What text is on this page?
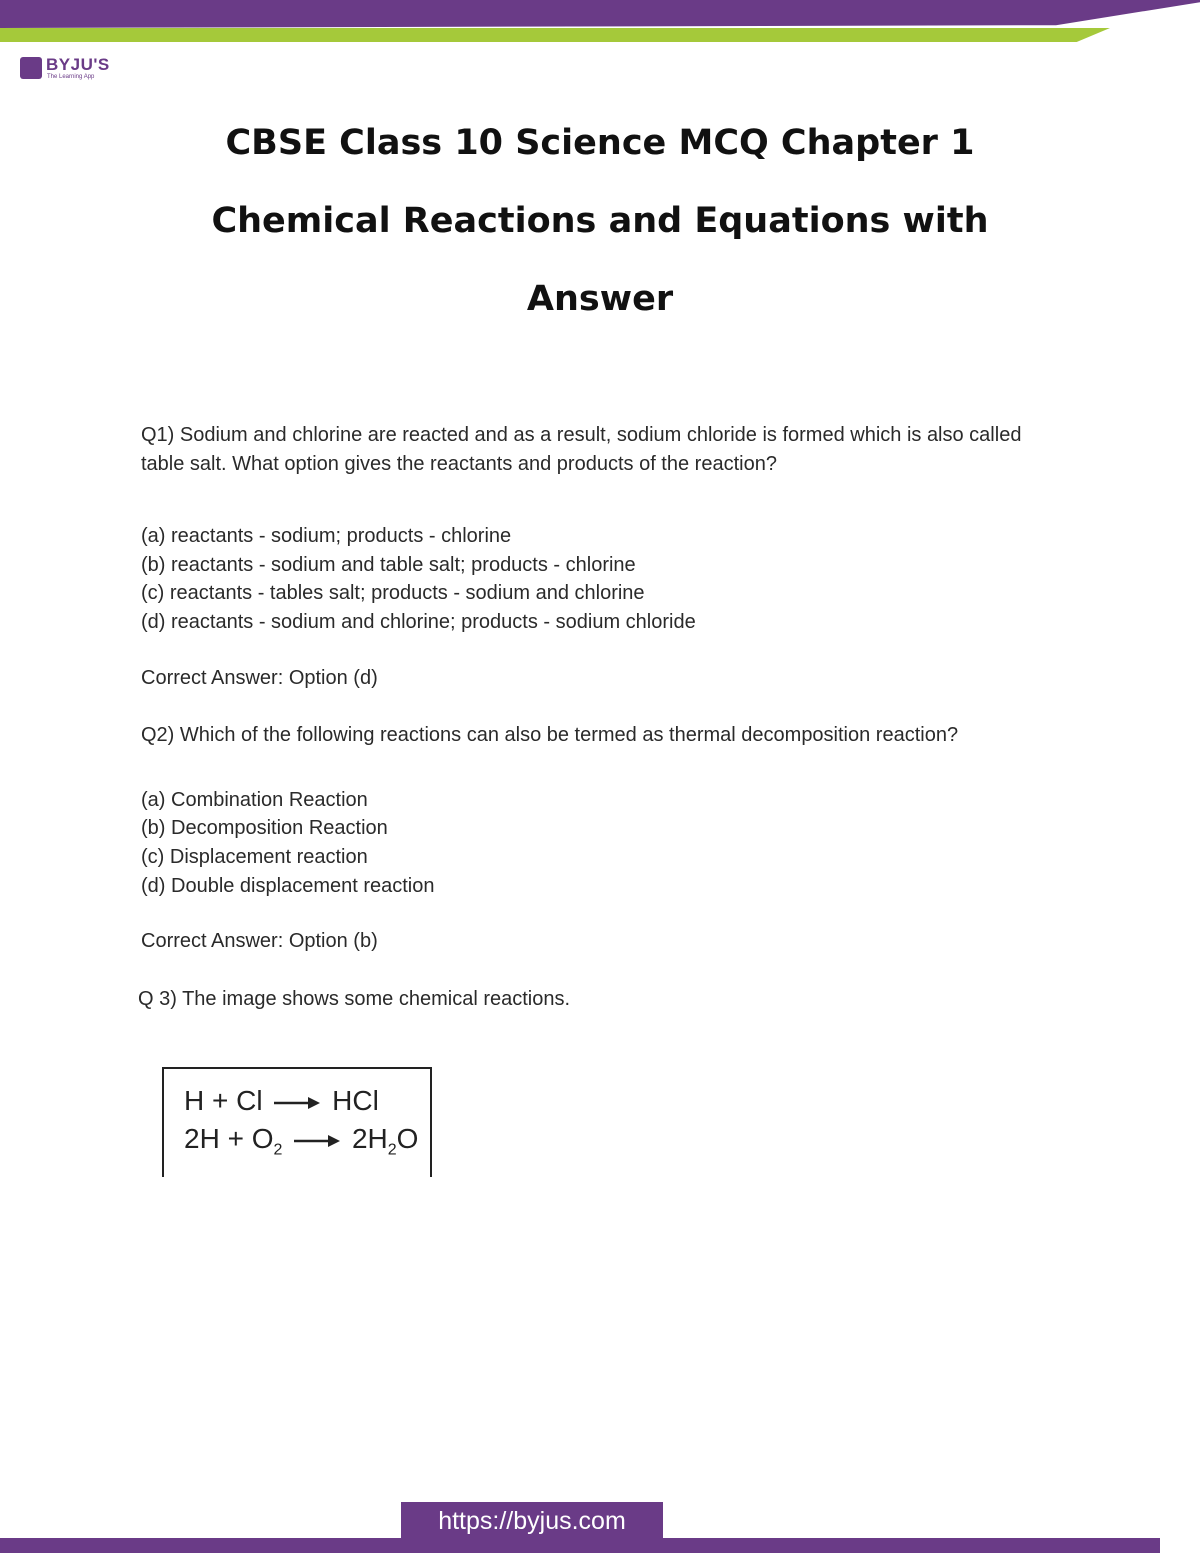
BYJU'S
The Learning App
CBSE Class 10 Science MCQ Chapter 1
Chemical Reactions and Equations with
Answer

Q1) Sodium and chlorine are reacted and as a result, sodium chloride is formed which is also called table salt. What option gives the reactants and products of the reaction?

(a) reactants - sodium; products - chlorine

(b) reactants - sodium and table salt; products - chlorine

(c) reactants - tables salt; products - sodium and chlorine

(d) reactants - sodium and chlorine; products - sodium chloride

Correct Answer: Option (d)

Q2) Which of the following reactions can also be termed as thermal decomposition reaction?

(a) Combination Reaction

(b) Decomposition Reaction

(c) Displacement reaction

(d) Double displacement reaction

Correct Answer: Option (b)

Q 3) The image shows some chemical reactions.

H + Cl → HCl
$2H + O_2 \to 2H_2O$
https://byjus.com
